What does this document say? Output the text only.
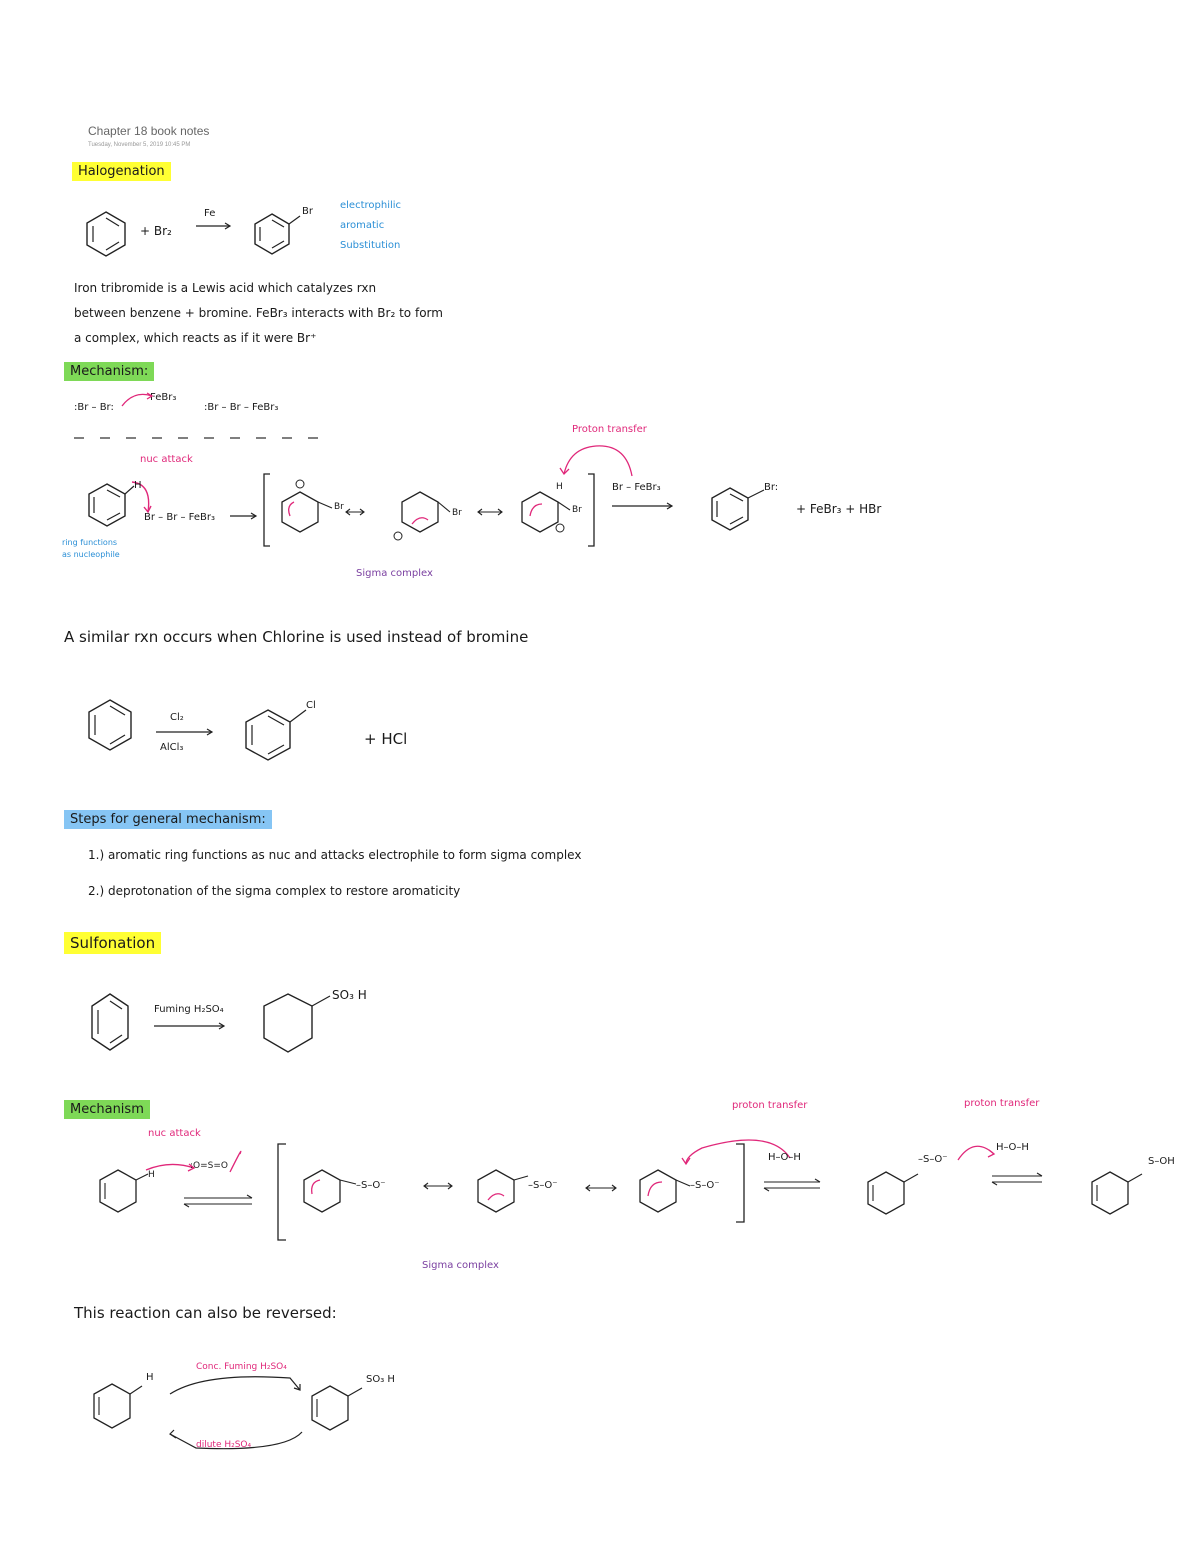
Chapter 18 book notes
Tuesday, November 5, 2019 10:45 PM
Halogenation
+ Br₂
Fe	Br
electrophilic
aromatic
Substitution
Iron tribromide is a Lewis acid which catalyzes rxn
between benzene + bromine. FeBr₃ interacts with Br₂ to form
a complex, which reacts as if it were Br⁺
Mechanism:
:Br – Br:
FeBr₃
:Br – Br – FeBr₃
Proton transfer
nuc attack
H
ring functions
as nucleophile
Br – Br – FeBr₃ →
Br
Br	Br
H	Br – FeBr₃	Br:
+ FeBr₃ + HBr
Sigma complex
A similar rxn occurs when Chlorine is used instead of bromine
Cl₂
AlCl₃
Cl
+ HCl
Steps for general mechanism:
1.) aromatic ring functions as nuc and attacks electrophile to form sigma complex
2.) deprotonation of the sigma complex to restore aromaticity
Sulfonation
Fuming H₂SO₄
SO₃ H
Mechanism
nuc attack
proton transfer	proton transfer
:O=S=O
H
–S–O⁻	–S–O⁻	–S–O⁻
H–O–H	–S–O⁻
H–O–H
S–OH
Sigma complex
This reaction can also be reversed:
H
Conc. Fuming H₂SO₄
dilute H₂SO₄
SO₃ H
